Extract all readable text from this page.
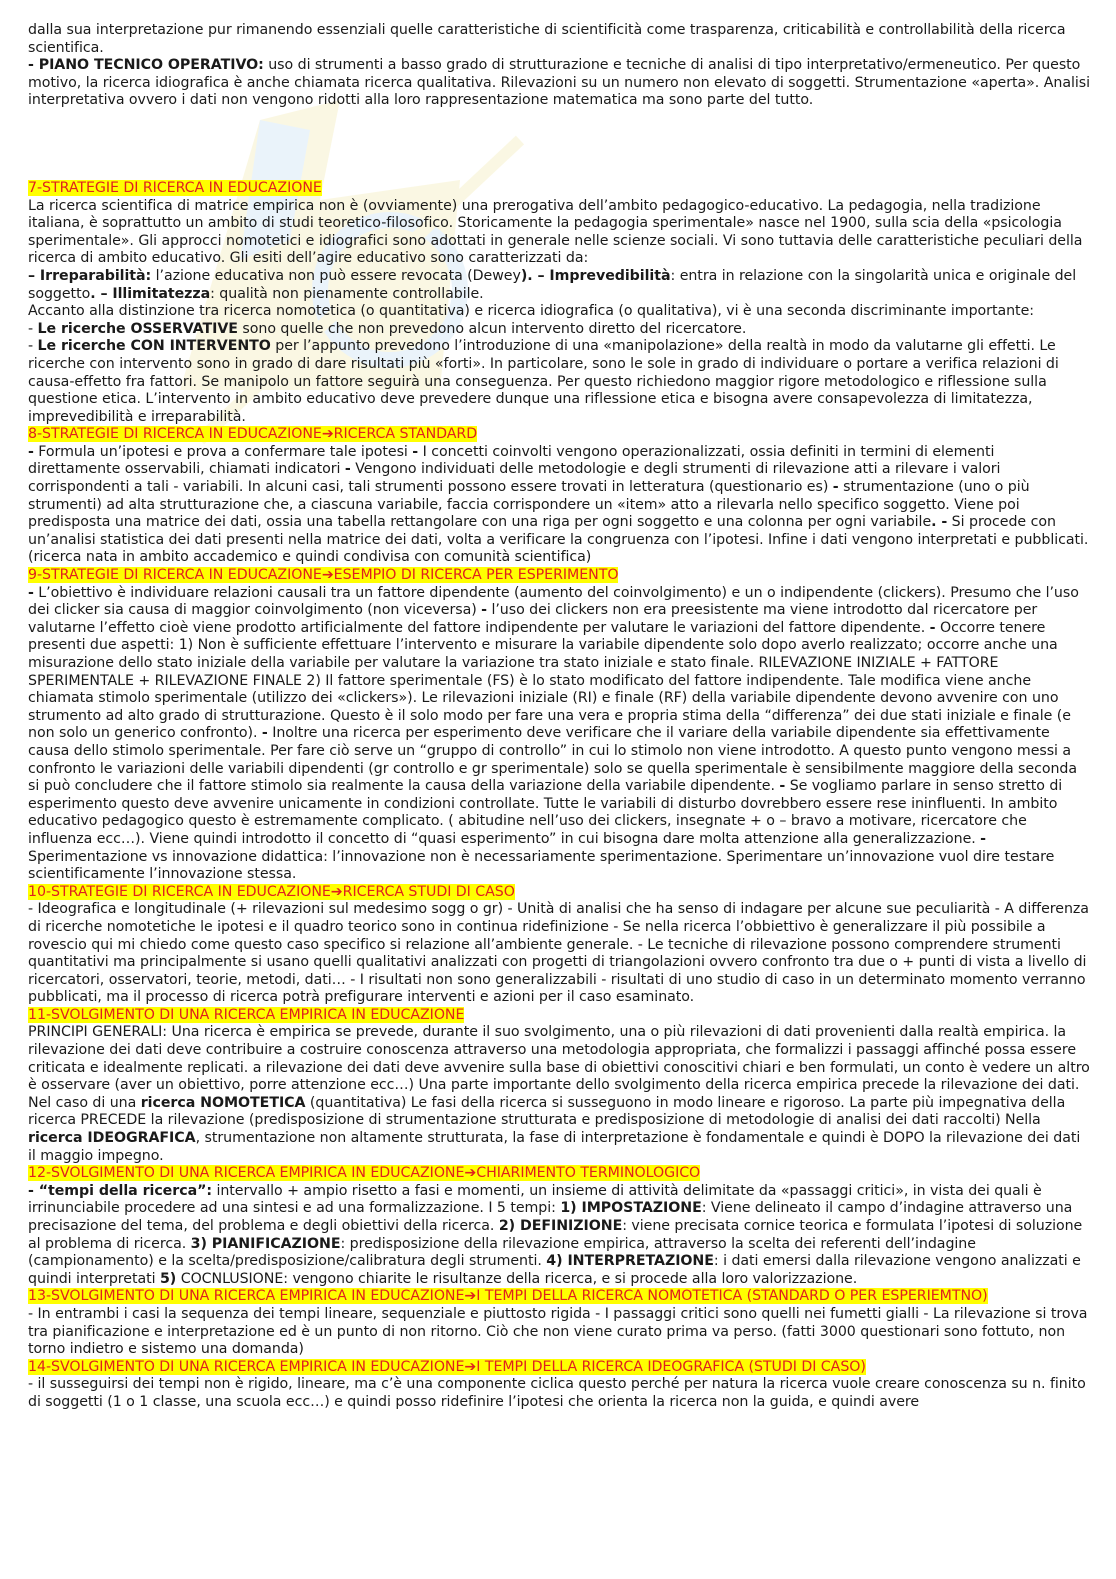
dalla sua interpretazione pur rimanendo essenziali quelle caratteristiche di scientificità come trasparenza, criticabilità e controllabilità della ricerca scientifica.

- PIANO TECNICO OPERATIVO: uso di strumenti a basso grado di strutturazione e tecniche di analisi di tipo interpretativo/ermeneutico. Per questo motivo, la ricerca idiografica è anche chiamata ricerca qualitativa. Rilevazioni su un numero non elevato di soggetti. Strumentazione «aperta». Analisi interpretativa ovvero i dati non vengono ridotti alla loro rappresentazione matematica ma sono parte del tutto.

7-STRATEGIE DI RICERCA IN EDUCAZIONE

La ricerca scientifica di matrice empirica non è (ovviamente) una prerogativa dell’ambito pedagogico-educativo. La pedagogia, nella tradizione italiana, è soprattutto un ambito di studi teoretico-filosofico. Storicamente la pedagogia sperimentale» nasce nel 1900, sulla scia della «psicologia sperimentale». Gli approcci nomotetici e idiografici sono adottati in generale nelle scienze sociali. Vi sono tuttavia delle caratteristiche peculiari della ricerca di ambito educativo. Gli esiti dell’agire educativo sono caratterizzati da:

– Irreparabilità: l’azione educativa non può essere revocata (Dewey). – Imprevedibilità: entra in relazione con la singolarità unica e originale del soggetto. – Illimitatezza: qualità non pienamente controllabile.

Accanto alla distinzione tra ricerca nomotetica (o quantitativa) e ricerca idiografica (o qualitativa), vi è una seconda discriminante importante:

- Le ricerche OSSERVATIVE sono quelle che non prevedono alcun intervento diretto del ricercatore.

- Le ricerche CON INTERVENTO per l’appunto prevedono l’introduzione di una «manipolazione» della realtà in modo da valutarne gli effetti. Le ricerche con intervento sono in grado di dare risultati più «forti». In particolare, sono le sole in grado di individuare o portare a verifica relazioni di causa-effetto fra fattori. Se manipolo un fattore seguirà una conseguenza. Per questo richiedono maggior rigore metodologico e riflessione sulla questione etica. L’intervento in ambito educativo deve prevedere dunque una riflessione etica e bisogna avere consapevolezza di limitatezza, imprevedibilità e irreparabilità.

8-STRATEGIE DI RICERCA IN EDUCAZIONE➔RICERCA STANDARD

- Formula un’ipotesi e prova a confermare tale ipotesi - I concetti coinvolti vengono operazionalizzati, ossia definiti in termini di elementi direttamente osservabili, chiamati indicatori - Vengono individuati delle metodologie e degli strumenti di rilevazione atti a rilevare i valori corrispondenti a tali - variabili. In alcuni casi, tali strumenti possono essere trovati in letteratura (questionario es) - strumentazione (uno o più strumenti) ad alta strutturazione che, a ciascuna variabile, faccia corrispondere un «item» atto a rilevarla nello specifico soggetto. Viene poi predisposta una matrice dei dati, ossia una tabella rettangolare con una riga per ogni soggetto e una colonna per ogni variabile. - Si procede con un’analisi statistica dei dati presenti nella matrice dei dati, volta a verificare la congruenza con l’ipotesi. Infine i dati vengono interpretati e pubblicati. (ricerca nata in ambito accademico e quindi condivisa con comunità scientifica)

9-STRATEGIE DI RICERCA IN EDUCAZIONE➔ESEMPIO DI RICERCA PER ESPERIMENTO

- L’obiettivo è individuare relazioni causali tra un fattore dipendente (aumento del coinvolgimento) e un o indipendente (clickers). Presumo che l’uso dei clicker sia causa di maggior coinvolgimento (non viceversa) - l’uso dei clickers non era preesistente ma viene introdotto dal ricercatore per valutarne l’effetto cioè viene prodotto artificialmente del fattore indipendente per valutare le variazioni del fattore dipendente. - Occorre tenere presenti due aspetti: 1) Non è sufficiente effettuare l’intervento e misurare la variabile dipendente solo dopo averlo realizzato; occorre anche una misurazione dello stato iniziale della variabile per valutare la variazione tra stato iniziale e stato finale. RILEVAZIONE INIZIALE + FATTORE SPERIMENTALE + RILEVAZIONE FINALE 2) Il fattore sperimentale (FS) è lo stato modificato del fattore indipendente. Tale modifica viene anche chiamata stimolo sperimentale (utilizzo dei «clickers»). Le rilevazioni iniziale (RI) e finale (RF) della variabile dipendente devono avvenire con uno strumento ad alto grado di strutturazione. Questo è il solo modo per fare una vera e propria stima della “differenza” dei due stati iniziale e finale (e non solo un generico confronto). - Inoltre una ricerca per esperimento deve verificare che il variare della variabile dipendente sia effettivamente causa dello stimolo sperimentale. Per fare ciò serve un “gruppo di controllo” in cui lo stimolo non viene introdotto. A questo punto vengono messi a confronto le variazioni delle variabili dipendenti (gr controllo e gr sperimentale) solo se quella sperimentale è sensibilmente maggiore della seconda si può concludere che il fattore stimolo sia realmente la causa della variazione della variabile dipendente. - Se vogliamo parlare in senso stretto di esperimento questo deve avvenire unicamente in condizioni controllate. Tutte le variabili di disturbo dovrebbero essere rese ininfluenti. In ambito educativo pedagogico questo è estremamente complicato. ( abitudine nell’uso dei clickers, insegnate + o – bravo a motivare, ricercatore che influenza ecc…). Viene quindi introdotto il concetto di “quasi esperimento” in cui bisogna dare molta attenzione alla generalizzazione. - Sperimentazione vs innovazione didattica: l’innovazione non è necessariamente sperimentazione. Sperimentare un’innovazione vuol dire testare scientificamente l’innovazione stessa.

10-STRATEGIE DI RICERCA IN EDUCAZIONE➔RICERCA STUDI DI CASO

- Ideografica e longitudinale (+ rilevazioni sul medesimo sogg o gr) - Unità di analisi che ha senso di indagare per alcune sue peculiarità - A differenza di ricerche nomotetiche le ipotesi e il quadro teorico sono in continua ridefinizione - Se nella ricerca l’obbiettivo è generalizzare il più possibile a rovescio qui mi chiedo come questo caso specifico si relazione all’ambiente generale. - Le tecniche di rilevazione possono comprendere strumenti quantitativi ma principalmente si usano quelli qualitativi analizzati con progetti di triangolazioni ovvero confronto tra due o + punti di vista a livello di ricercatori, osservatori, teorie, metodi, dati… - I risultati non sono generalizzabili - risultati di uno studio di caso in un determinato momento verranno pubblicati, ma il processo di ricerca potrà prefigurare interventi e azioni per il caso esaminato.

11-SVOLGIMENTO DI UNA RICERCA EMPIRICA IN EDUCAZIONE

PRINCIPI GENERALI: Una ricerca è empirica se prevede, durante il suo svolgimento, una o più rilevazioni di dati provenienti dalla realtà empirica. la rilevazione dei dati deve contribuire a costruire conoscenza attraverso una metodologia appropriata, che formalizzi i passaggi affinché possa essere criticata e idealmente replicati. a rilevazione dei dati deve avvenire sulla base di obiettivi conoscitivi chiari e ben formulati, un conto è vedere un altro è osservare (aver un obiettivo, porre attenzione ecc…) Una parte importante dello svolgimento della ricerca empirica precede la rilevazione dei dati.

Nel caso di una ricerca NOMOTETICA (quantitativa) Le fasi della ricerca si susseguono in modo lineare e rigoroso. La parte più impegnativa della ricerca PRECEDE la rilevazione (predisposizione di strumentazione strutturata e predisposizione di metodologie di analisi dei dati raccolti) Nella ricerca IDEOGRAFICA, strumentazione non altamente strutturata, la fase di interpretazione è fondamentale e quindi è DOPO la rilevazione dei dati il maggio impegno.

12-SVOLGIMENTO DI UNA RICERCA EMPIRICA IN EDUCAZIONE➔CHIARIMENTO TERMINOLOGICO

- “tempi della ricerca”: intervallo + ampio risetto a fasi e momenti, un insieme di attività delimitate da «passaggi critici», in vista dei quali è irrinunciabile procedere ad una sintesi e ad una formalizzazione. I 5 tempi: 1) IMPOSTAZIONE: Viene delineato il campo d’indagine attraverso una precisazione del tema, del problema e degli obiettivi della ricerca. 2) DEFINIZIONE: viene precisata cornice teorica e formulata l’ipotesi di soluzione al problema di ricerca. 3) PIANIFICAZIONE: predisposizione della rilevazione empirica, attraverso la scelta dei referenti dell’indagine (campionamento) e la scelta/predisposizione/calibratura degli strumenti. 4) INTERPRETAZIONE: i dati emersi dalla rilevazione vengono analizzati e quindi interpretati 5) COCNLUSIONE: vengono chiarite le risultanze della ricerca, e si procede alla loro valorizzazione.

13-SVOLGIMENTO DI UNA RICERCA EMPIRICA IN EDUCAZIONE➔I TEMPI DELLA RICERCA NOMOTETICA (STANDARD O PER ESPERIEMTNO)

- In entrambi i casi la sequenza dei tempi lineare, sequenziale e piuttosto rigida - I passaggi critici sono quelli nei fumetti gialli - La rilevazione si trova tra pianificazione e interpretazione ed è un punto di non ritorno. Ciò che non viene curato prima va perso. (fatti 3000 questionari sono fottuto, non torno indietro e sistemo una domanda)

14-SVOLGIMENTO DI UNA RICERCA EMPIRICA IN EDUCAZIONE➔I TEMPI DELLA RICERCA IDEOGRAFICA (STUDI DI CASO)

- il susseguirsi dei tempi non è rigido, lineare, ma c’è una componente ciclica questo perché per natura la ricerca vuole creare conoscenza su n. finito di soggetti (1 o 1 classe, una scuola ecc…) e quindi posso ridefinire l’ipotesi che orienta la ricerca non la guida, e quindi avere
